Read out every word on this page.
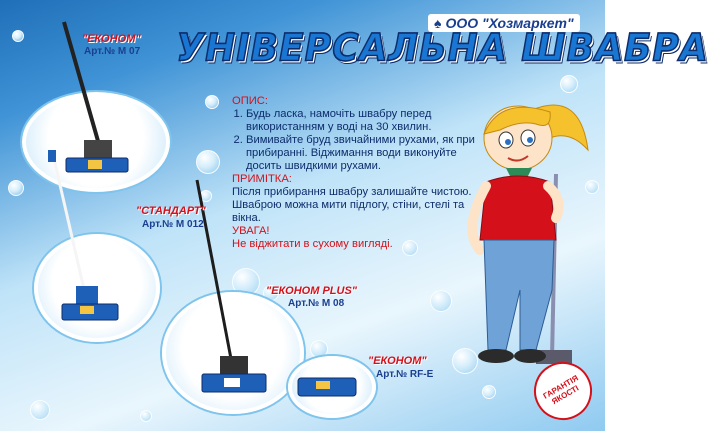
♠ ООО "Хозмаркет"
УНІВЕРСАЛЬНА ШВАБРА
"ЕКОНОМ"
Арт.№ М 07
"СТАНДАРТ"
Арт.№ М 012
"ЕКОНОМ PLUS"
Арт.№ М 08
"ЕКОНОМ"
Арт.№ RF-E

ОПИС:

1. Будь ласка, намочіть швабру перед використанням у воді на 30 хвилин.
2. Вимивайте бруд звичайними рухами, як при прибиранні. Віджимання води виконуйте досить швидкими рухами.

ПРИМІТКА:

Після прибирання швабру залишайте чистою. Шваброю можна мити підлогу, стіни, стелі та вікна.

УВАГА!

Не віджитати в сухому вигляді.

ГАРАНТІЯ ЯКОСТІ
